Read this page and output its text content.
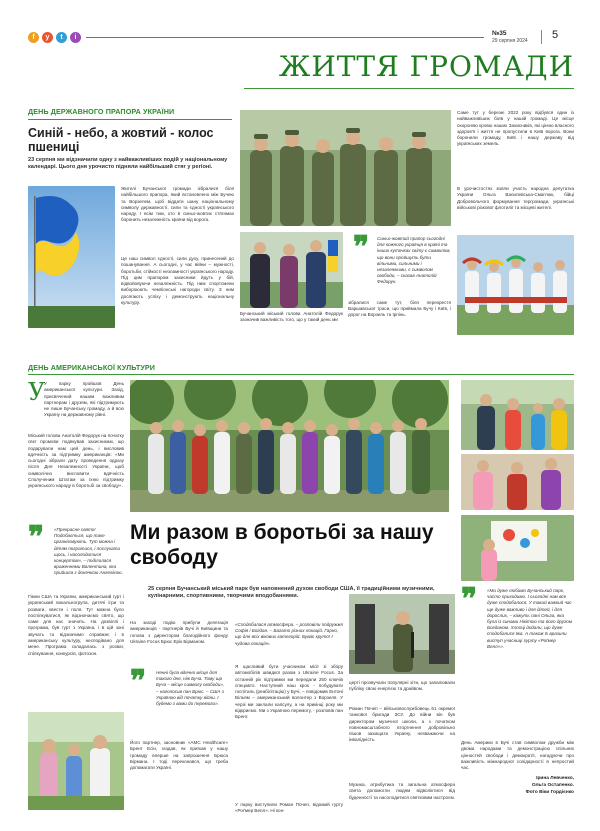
f	y	t	i
№35
29 серпня 2024 5
ЖИТТЯ ГРОМАДИ
ДЕНЬ ДЕРЖАВНОГО ПРАПОРА УКРАЇНИ
Синій - небо, а жовтий - колос пшениці
23 серпня ми відзначили одну з найважливіших подій у національному календарі. Цього дня урочисто підняли найбільший стяг у регіоні.
Жителі Бучанської громади зібралися біля найбільшого прапора, який встановлено між Бучею та Ворзелем, щоб віддати шану національному символу державності, сили та єдності українського народу. І всім тим, хто в синьо-жовтих стягнмах боронить незалежність країни від ворога.
Це наш символ єдності, сили духу, принесений до пошанування. А сьогодні, у час війни – мужності, боротьби, стійкості незламності українського народу. Під цим прапором захисники йдуть у бій, відвойовуючи незалежність. Під ним спортсмени вибороюють чемпіонські нагороди світу. З ним досягають успіху і демонструють національну культуру.
❞ Синьо-жовтий прапор сьогодні для кожного українця в країні та інших куточках світу є символом, що вони пройшуть бути вільними, сильними і незалежними, є символом свободи, – сказав Анатолій Федорук.
Бучанський міський голова Анатолій Федорук зазначив важливість того, що у такий день ми
зібралися саме тут, біля перехрестя Варшавської траси, що приймала Бучу і Київ, і дорог на Ворзель та Ірпінь.
Саме тут у березні 2022 року відбувся один із найважливіших боїв у нашій громаді. Це місце охороняю кровю наших Захисників, які ціною власного здоров'я і життя не пропустили в Київ ворога. Вони боронили громаду, Київ і нашу державу від українських земель.
В урочистостях взяли участь народна депутатка України Ольга Василевська-Смаглюк, бійці Добровольчого формування тергромади, українські військові різкової флотилії та місцеві жителі.
ДЕНЬ АМЕРИКАНСЬКОЇ КУЛЬТУРИ
У
У парку пройшов День американської культури. Захід, присвячений нашим важливим партнерам і друзям, які підтримують не лише Бучанську громаду, а й всю Україну на державному рівні.
Міський голова Анатолій Федорук на початку свєї промови подякував захисникам, що подарували нам цей день, і висловив вдячність за підтримку американців: «Ми сьогодні зібрали дату проведення одразу після Дня Незалежності України, щоб символічно висловити вдячність Сполученим Штатам за їхню підтримку українського народу в боротьбі за свободу».
❞ «Прекрасне свято! Подобається, що таке організовують. Тут можна і дітям погратися, і послухати щось, і насолодитися концертом», – поділилася враженнями Валентина, яка прийшла з донечкою Ангелікою.
Гімни США та України, американський гурт і український вокальногрупа, дитячі ігри та розваги, квести і поля. Тут можна було поспілкуватися, як відзначаємо свято, що саме для нас значить. На дозвіллі і програма, був гурт з Україна, і в цій зоні звучать та відзначимо справжнє і в американську культуру, несподівано для мене. Програма складалась з розваг, спілкування, конкурсів, фотозон.
Ми разом в боротьбі за нашу свободу
25 серпня Бучанський міський парк був наповнений духом свободи США, її традиційними музичними, кулінарними, спортивними, творчими вподобаннями.
На заході подію прибули делегація американців - партнерів Бучі й Київщини та голова з директором благодійного фонду Ukraine Focus Брюс Ерік Бірманом.
❞ Ненні була вдячно місце для такого дня, ніж Буча. Тому що Буча – місце символу свободи», – наголосив пан Брюс. – США з Україною від початку війни. І будемо з вами до перемоги».
Його партнер, засновник «AMC Healthcare» Брент Есін, згадав, як приїхав у нашу громаду вперше на запрошення Брюса Бірмана. І тоді переконався, що треба допомагати Україні.
«Сподобалася атмосфера, – розповіли подружжя Софія і Богдан. – Багато різних локацій. Гарно, що для всіх вікових категорій. Буває круто! І чудова локація».
Я щасливий бути учасником місії зі збору автомобілів швидкої разом з Ukraine Focus. За останній рік підтримки ми передали 250 ключів спецавто. Наступний наш крок - побудувати госпіталь (реабілітацію) у Бучі, – повідомив Ентоні Вільям – американський волонтер з Ворзеля. У черзі ми заклали капсулу, а на прикінці року ми відкриємо. Ми з Україною перемогу, - розповів пан Брент.
У парку виступили Роман Почеп, відомий гурту «Роґмер Велл». Ні кон-
церті прозвучали популярні хіти, що запалювали публіку свою енергією та драйвом.
Роман Почеп – військовослужбовець 61 окремої танкової бригади ЗСУ. До війни він був директором музичної школи, а з початком повномасштабного вторгнення добровільно пішов захищати Україну, незважаючи на інвалідність.
Музика, атрибутика та загальна атмосфера свята допомогли людям відволіктися від буденності та насолодитися святковим настроєм.
❞ «Ми дуже любимо Бучанський парк, часто приходимо. І сьогодні нам все дуже сподобалося. У такий важкий час ще дуже важливо і для дітей, і для дорослих, – кажуть пані Ольга, яка була із синами Нікітою та його другом Богданом. Хлопці додали, що дуже сподобалися їжа. А також їх вразили виступ учасниці гурту «Роґмер Велл»».
День Америки в Бучі став символом дружби між двома народами та демонстрацією спільних цінностей свободи і демократії, нагадуючи про важливість міжнародної солідарності в непростий час.
Ірина Левченко,
Ольга Остапенко.
Фото Віки Гордієнко
